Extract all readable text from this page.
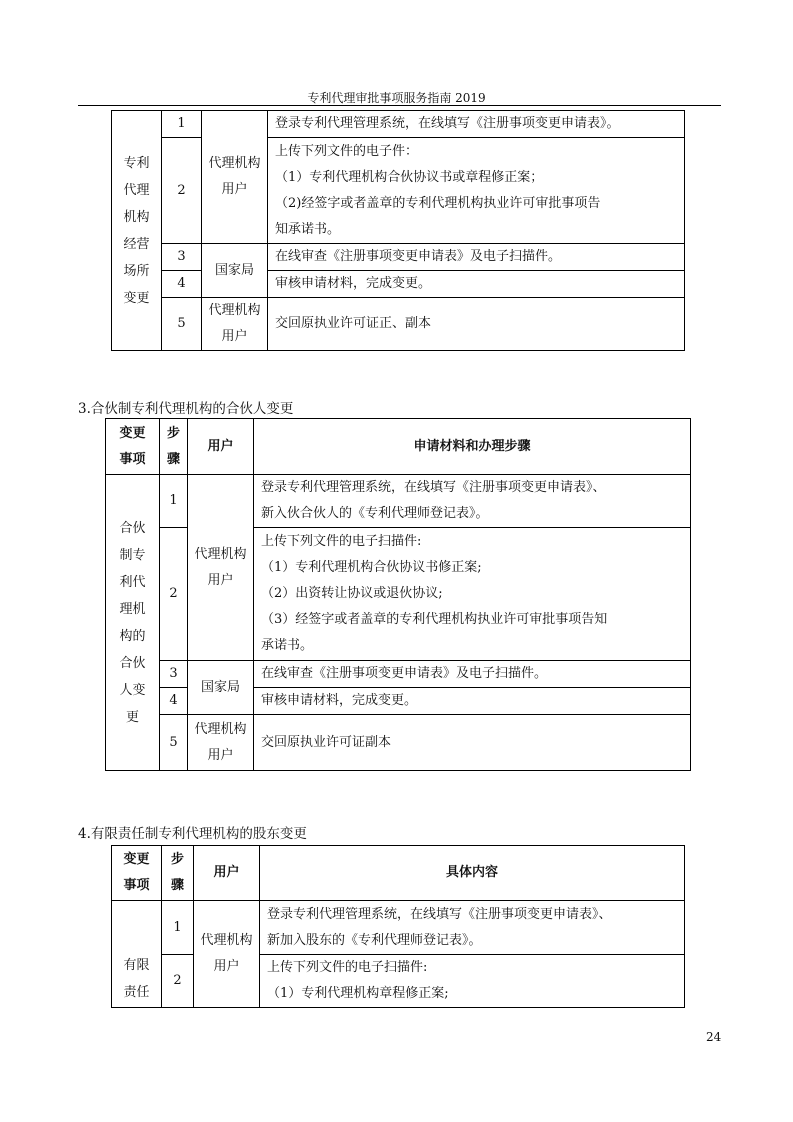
专利代理审批事项服务指南 2019
专利代理机构经营场所变更	1	代理机构用户	登录专利代理管理系统，在线填写《注册事项变更申请表》。

	2		上传下列文件的电子件：
（1）专利代理机构合伙协议书或章程修正案；
（2)经签字或者盖章的专利代理机构执业许可审批事项告
知承诺书。

	3	国家局	在线审查《注册事项变更申请表》及电子扫描件。

	4		审核申请材料，完成变更。

	5	代理机构用户	交回原执业许可证正、副本
3.合伙制专利代理机构的合伙人变更
变更事项	步骤	用户	申请材料和办理步骤
合伙制专利代理机构的合伙人变更	1	代理机构用户	登录专利代理管理系统，在线填写《注册事项变更申请表》、
新入伙合伙人的《专利代理师登记表》。

	2		上传下列文件的电子扫描件:
（1）专利代理机构合伙协议书修正案;
（2）出资转让协议或退伙协议;
（3）经签字或者盖章的专利代理机构执业许可审批事项告知
承诺书。

	3	国家局	在线审查《注册事项变更申请表》及电子扫描件。

	4		审核申请材料，完成变更。

	5	代理机构用户	交回原执业许可证副本
4.有限责任制专利代理机构的股东变更
变更事项	步骤	用户	具体内容
有限责任	1	代理机构用户	登录专利代理管理系统，在线填写《注册事项变更申请表》、
新加入股东的《专利代理师登记表》。

	2		上传下列文件的电子扫描件:
（1）专利代理机构章程修正案;
24
